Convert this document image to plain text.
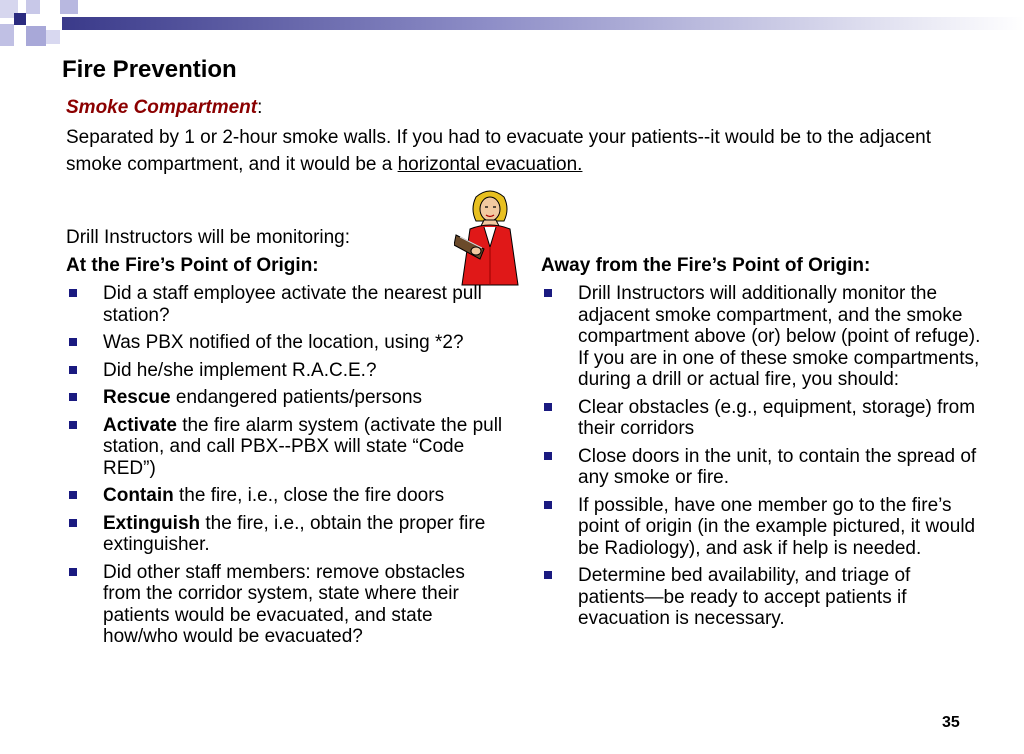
Fire Prevention
Smoke Compartment:
Separated by 1 or 2-hour smoke walls. If you had to evacuate your patients--it would be to the adjacent smoke compartment, and it would be a horizontal evacuation.
Drill Instructors will be monitoring:
At the Fire’s Point of Origin:
Did a staff employee activate the nearest pull station?
Was PBX notified of the location, using *2?
Did he/she implement R.A.C.E.?
Rescue endangered patients/persons
Activate the fire alarm system (activate the pull station, and call PBX--PBX will state “Code RED”)
Contain the fire, i.e., close the fire doors
Extinguish the fire, i.e., obtain the proper fire extinguisher.
Did other staff members: remove obstacles from the corridor system, state where their patients would be evacuated, and state how/who would be evacuated?
Away from the Fire’s Point of Origin:
Drill Instructors will additionally monitor the adjacent smoke compartment, and the smoke compartment above (or) below (point of refuge). If you are in one of these smoke compartments, during a drill or actual fire, you should:
Clear obstacles (e.g., equipment, storage) from their corridors
Close doors in the unit, to contain the spread of any smoke or fire.
If possible, have one member go to the fire’s point of origin (in the example pictured, it would be Radiology), and ask if help is needed.
Determine bed availability, and triage of patients—be ready to accept patients if evacuation is necessary.
35
